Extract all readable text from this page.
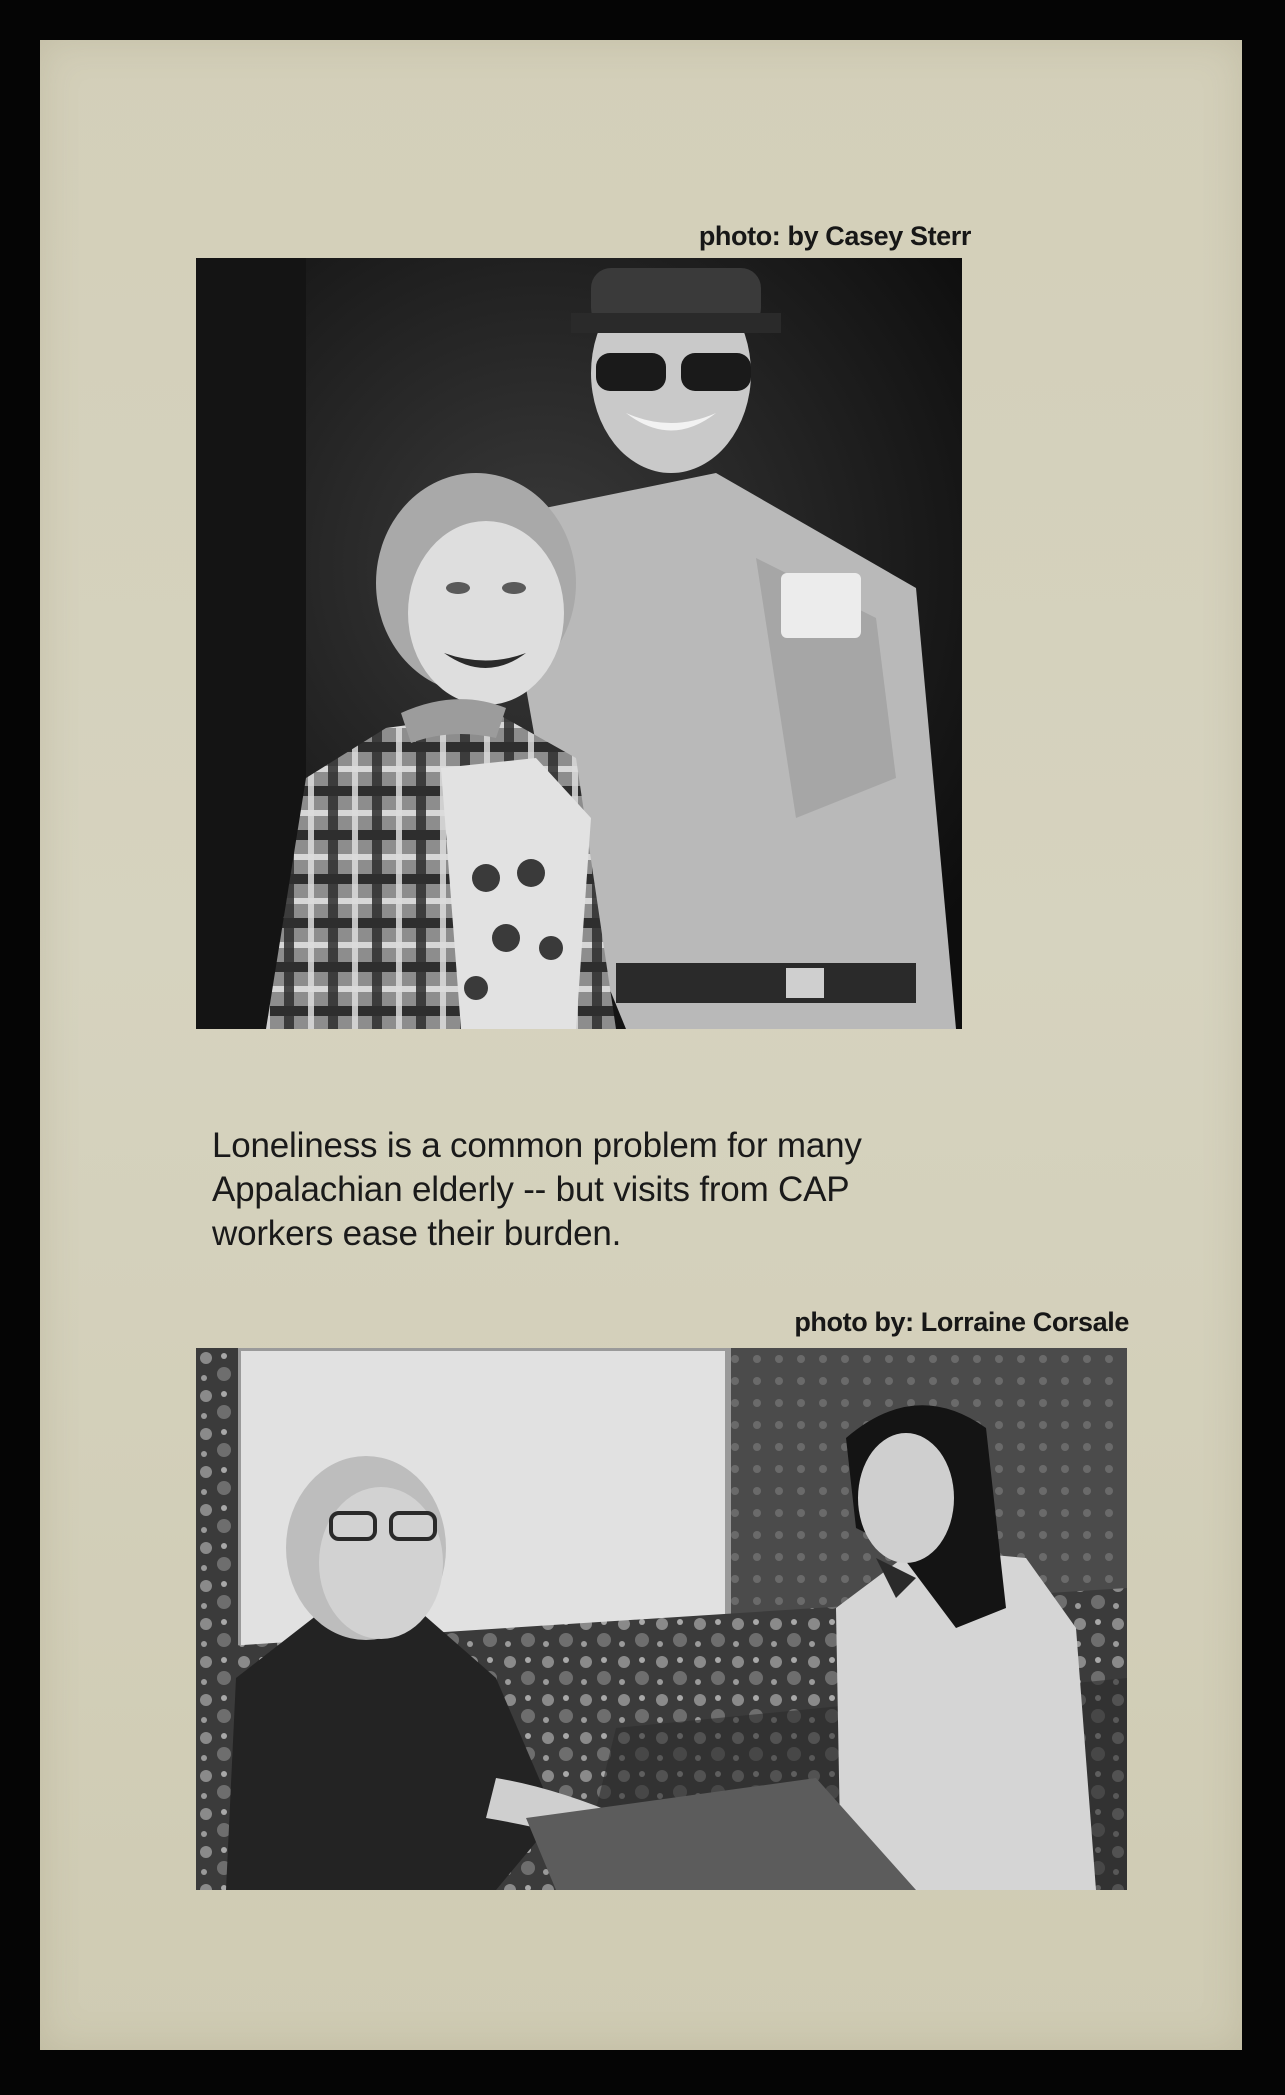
photo: by Casey Sterr
Loneliness is a common problem for many Appalachian elderly -- but visits from CAP workers ease their burden.
photo by: Lorraine Corsale
